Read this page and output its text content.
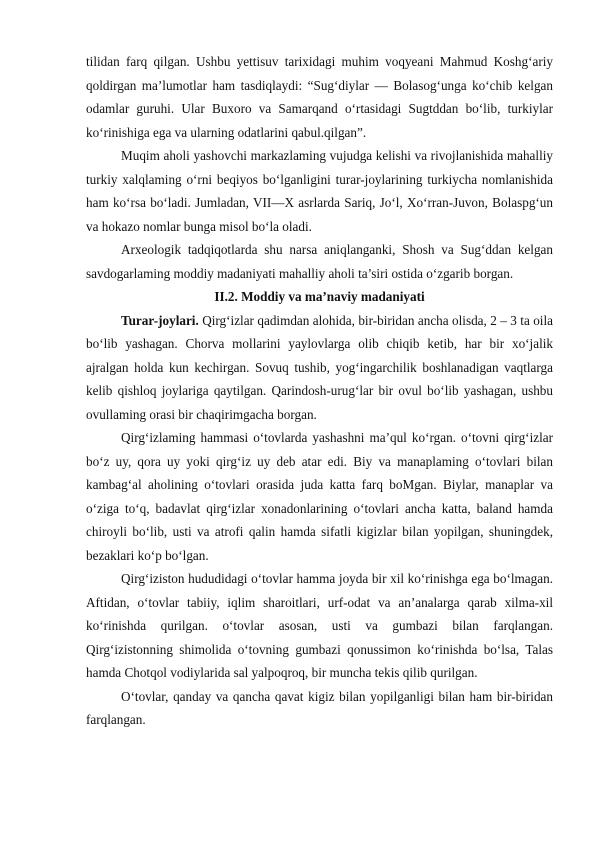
tilidan farq qilgan. Ushbu yettisuv tarixidagi muhim voqyeani Mahmud Koshg‘ariy qoldirgan ma’lumotlar ham tasdiqlaydi: “Sug‘diylar — Bolasog‘unga ko‘chib kelgan odamlar guruhi. Ular Buxoro va Samarqand o‘rtasidagi Sugtddan bo‘lib, turkiylar ko‘rinishiga ega va ularning odatlarini qabul.qilgan”.

Muqim aholi yashovchi markazlaming vujudga kelishi va rivojlanishida mahalliy turkiy xalqlaming o‘rni beqiyos bo‘lganligini turar-joylarining turkiycha nomlanishida ham ko‘rsa bo‘ladi. Jumladan, VII—X asrlarda Sariq, Jo‘l, Xo‘rran-Juvon, Bolaspg‘un va hokazo nomlar bunga misol bo‘la oladi.

Arxeologik tadqiqotlarda shu narsa aniqlanganki, Shosh va Sug‘ddan kelgan savdogarlaming moddiy madaniyati mahalliy aholi ta’siri ostida o‘zgarib borgan.

II.2. Moddiy va ma’naviy madaniyati

Turar-joylari. Qirg‘izlar qadimdan alohida, bir-biridan ancha olisda, 2 – 3 ta oila bo‘lib yashagan. Chorva mollarini yaylovlarga olib chiqib ketib, har bir xo‘jalik ajralgan holda kun kechirgan. Sovuq tushib, yog‘ingarchilik boshlanadigan vaqtlarga kelib qishloq joylariga qaytilgan. Qarindosh-urug‘lar bir ovul bo‘lib yashagan, ushbu ovullaming orasi bir chaqirimgacha borgan.

Qirg‘izlaming hammasi o‘tovlarda yashashni ma’qul ko‘rgan. o‘tovni qirg‘izlar bo‘z uy, qora uy yoki qirg‘iz uy deb atar edi. Biy va manaplaming o‘tovlari bilan kambag‘al aholining o‘tovlari orasida juda katta farq boMgan. Biylar, manaplar va o‘ziga to‘q, badavlat qirg‘izlar xonadonlarining o‘tovlari ancha katta, baland hamda chiroyli bo‘lib, usti va atrofi qalin hamda sifatli kigizlar bilan yopilgan, shuningdek, bezaklari ko‘p bo‘lgan.

Qirg‘iziston hududidagi o‘tovlar hamma joyda bir xil ko‘rinishga ega bo‘lmagan. Aftidan, o‘tovlar tabiiy, iqlim sharoitlari, urf-odat va an’analarga qarab xilma-xil ko‘rinishda qurilgan. o‘tovlar asosan, usti va gumbazi bilan farqlangan. Qirg‘izistonning shimolida o‘tovning gumbazi qonussimon ko‘rinishda bo‘lsa, Talas hamda Chotqol vodiylarida sal yalpoqroq, bir muncha tekis qilib qurilgan.

O‘tovlar, qanday va qancha qavat kigiz bilan yopilganligi bilan ham bir-biridan farqlangan.
